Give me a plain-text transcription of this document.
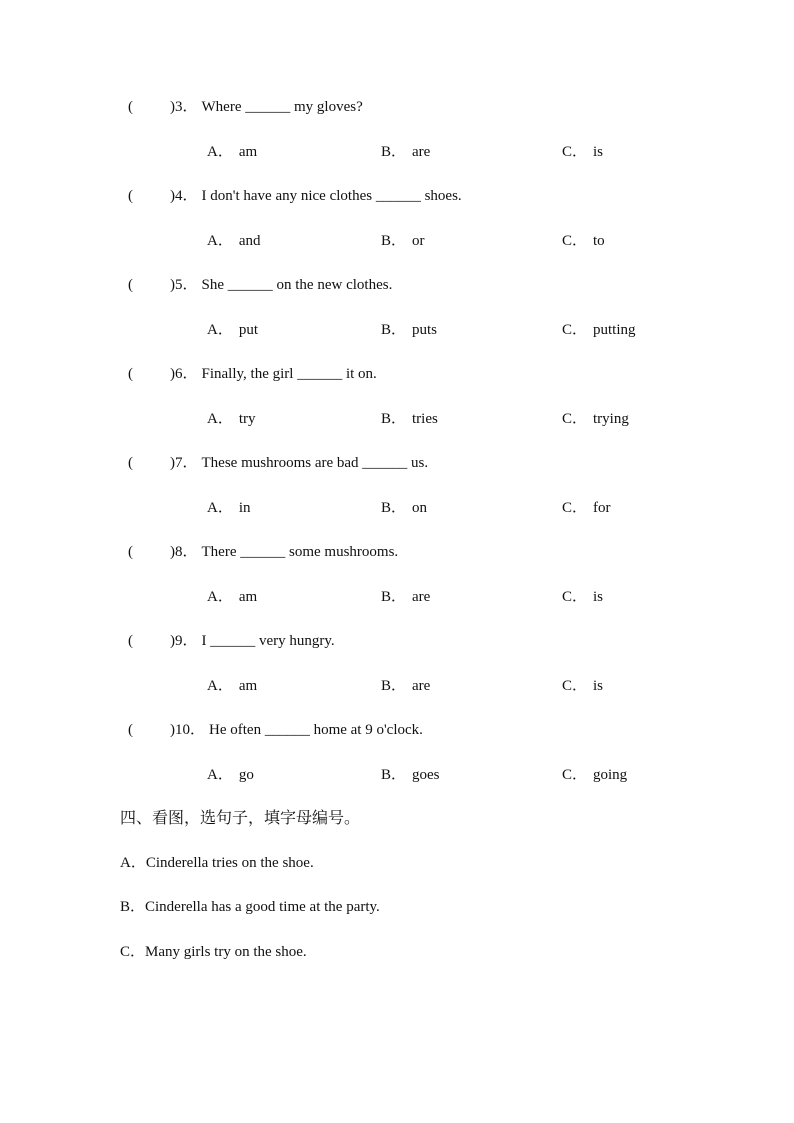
( )3． Where ______ my gloves?
A． am	B． are	C． is
( )4． I don't have any nice clothes ______ shoes.
A． and	B． or	C． to
( )5． She ______ on the new clothes.
A． put	B． puts	C． putting
( )6． Finally, the girl ______ it on.
A． try	B． tries	C． trying
( )7． These mushrooms are bad ______ us.
A． in	B． on	C． for
( )8． There ______ some mushrooms.
A． am	B． are	C． is
( )9． I ______ very hungry.
A． am	B． are	C． is
( )10． He often ______ home at 9 o'clock.
A． go	B． goes	C． going
四、看图，选句子，填字母编号。
A．Cinderella tries on the shoe.
B．Cinderella has a good time at the party.
C．Many girls try on the shoe.
